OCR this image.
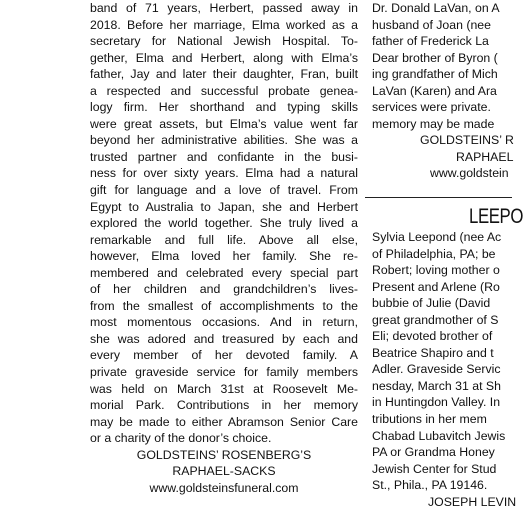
band of 71 years, Herbert, passed away in
2018. Before her marriage, Elma worked as a
secretary for National Jewish Hospital. To-
gether, Elma and Herbert, along with Elma’s
father, Jay and later their daughter, Fran, built
a respected and successful probate genea-
logy firm. Her shorthand and typing skills
were great assets, but Elma’s value went far
beyond her administrative abilities. She was a
trusted partner and confidante in the busi-
ness for over sixty years. Elma had a natural
gift for language and a love of travel. From
Egypt to Australia to Japan, she and Herbert
explored the world together. She truly lived a
remarkable and full life. Above all else,
however, Elma loved her family. She re-
membered and celebrated every special part
of her children and grandchildren’s lives-
from the smallest of accomplishments to the
most momentous occasions. And in return,
she was adored and treasured by each and
every member of her devoted family. A
private graveside service for family members
was held on March 31st at Roosevelt Me-
morial Park. Contributions in her memory
may be made to either Abramson Senior Care
or a charity of the donor’s choice.
GOLDSTEINS’ ROSENBERG’S
RAPHAEL-SACKS
www.goldsteinsfuneral.com
Dr. Donald LaVan, on A
husband of Joan (nee
father of Frederick La
Dear brother of Byron (
ing grandfather of Mich
LaVan (Karen) and Ara
services were private.
memory may be made
GOLDSTEINS’ R
RAPHAEL
www.goldstein
LEEPO
Sylvia Leepond (nee Ac
of Philadelphia, PA; be
Robert; loving mother o
Present and Arlene (Ro
bubbie of Julie (David
great grandmother of S
Eli; devoted brother of
Beatrice Shapiro and t
Adler. Graveside Servic
nesday, March 31 at Sh
in Huntingdon Valley. In
tributions in her mem
Chabad Lubavitch Jewis
PA or Grandma Honey
Jewish Center for Stud
St., Phila., PA 19146.
JOSEPH LEVIN
